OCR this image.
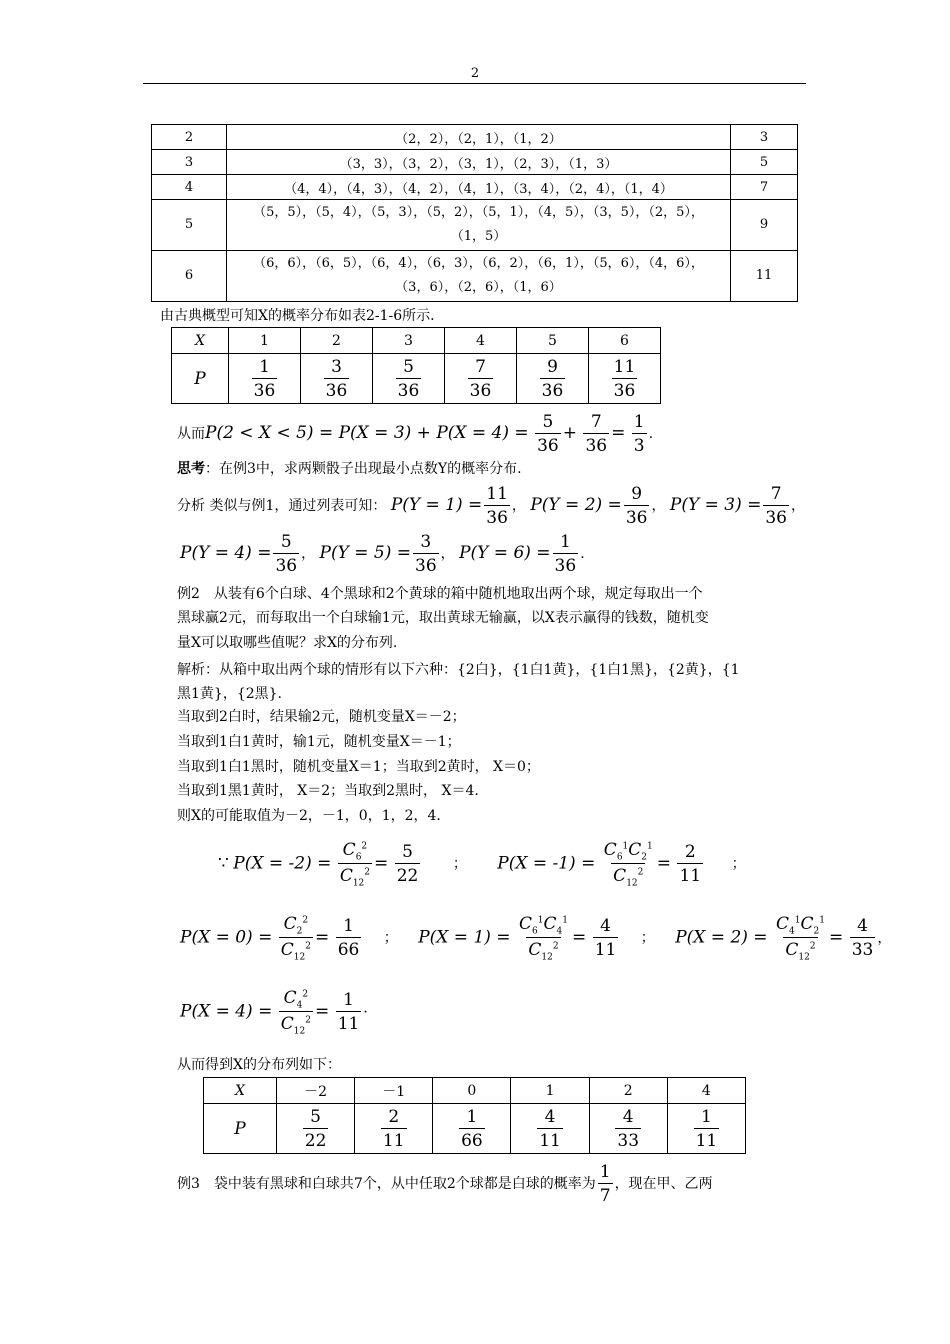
2
2	（2，2），（2，1），（1，2）	3
3	（3，3），（3，2），（3，1），（2，3），（1，3）	5
4	（4，4），（4，3），（4，2），（4，1），（3，4），（2，4），（1，4）	7
5	（5，5），（5，4），（5，3），（5，2），（5，1），（4，5），（3，5），（2，5），
（1，5）	9
6	（6，6），（6，5），（6，4），（6，3），（6，2），（6，1），（5，6），（4，6），
（3，6），（2，6），（1，6）	11
由古典概型可知X的概率分布如表2-1-6所示.
X	1	2	3	4	5	6
P	$\frac{1}{36}$	$\frac{3}{36}$	$\frac{5}{36}$	$\frac{7}{36}$	$\frac{9}{36}$	$\frac{11}{36}$
从而$P(2 < X < 5) = P(X = 3) + P(X = 4) = \frac{5}{36} + \frac{7}{36} = \frac{1}{3}$ .
思考：在例3中，求两颗骰子出现最小点数Y的概率分布.
分析 类似与例1，通过列表可知： $P(Y = 1) = \frac{11}{36}$ ， $P(Y = 2) = \frac{9}{36}$ ， $P(Y = 3) = \frac{7}{36}$ ，
$P(Y = 4) = \frac{5}{36}$ ， $P(Y = 5) = \frac{3}{36}$ ， $P(Y = 6) = \frac{1}{36}$ .
例2　从装有6个白球、4个黑球和2个黄球的箱中随机地取出两个球，规定每取出一个
黑球赢2元，而每取出一个白球输1元，取出黄球无输赢，以X表示赢得的钱数，随机变
量X可以取哪些值呢？求X的分布列.
解析：从箱中取出两个球的情形有以下六种：{2白}，{1白1黄}，{1白1黑}，{2黄}，{1
黑1黄}，{2黑}.
当取到2白时，结果输2元，随机变量X＝－2；
当取到1白1黄时，输1元，随机变量X＝－1；
当取到1白1黑时，随机变量X＝1；当取到2黄时， X＝0；
当取到1黑1黄时， X＝2；当取到2黑时， X＝4.
则X的可能取值为－2，－1，0，1，2，4.
∵ $P(X = -2) = \frac{C_6^2}{C_{12}^2} = \frac{5}{22}$ ； $P(X = -1) = \frac{C_6^1C_2^1}{C_{12}^2} = \frac{2}{11}$ ；
$P(X = 0) = \frac{C_2^2}{C_{12}^2} = \frac{1}{66}$ ； $P(X = 1) = \frac{C_6^1C_4^1}{C_{12}^2} = \frac{4}{11}$ ； $P(X = 2) = \frac{C_4^1C_2^1}{C_{12}^2} = \frac{4}{33}$ ，
$P(X = 4) = \frac{C_4^2}{C_{12}^2} = \frac{1}{11}$ ·
从而得到X的分布列如下：
X	－2	－1	0	1	2	4
P	$\frac{5}{22}$	$\frac{2}{11}$	$\frac{1}{66}$	$\frac{4}{11}$	$\frac{4}{33}$	$\frac{1}{11}$
例3　袋中装有黑球和白球共7个，从中任取2个球都是白球的概率为 $\frac{1}{7}$ ，现在甲、乙两
